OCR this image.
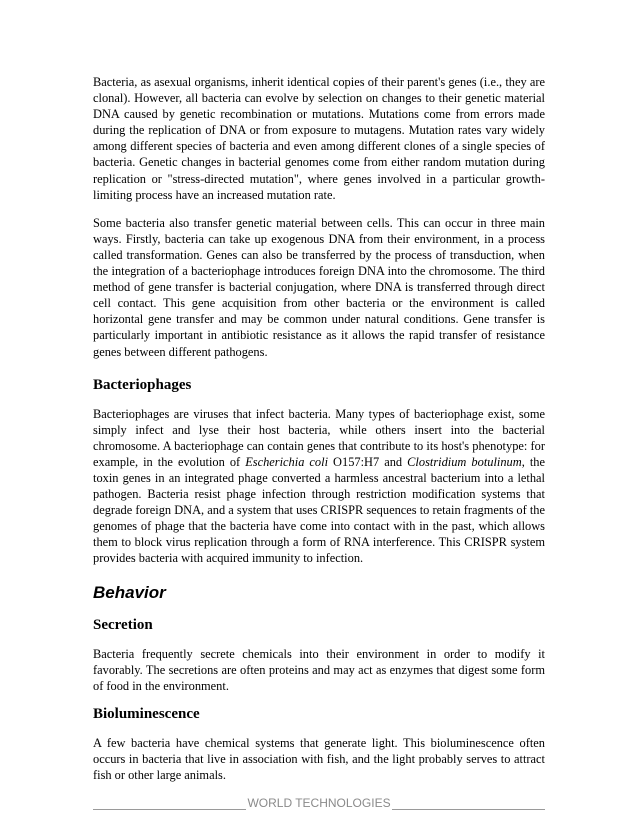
Bacteria, as asexual organisms, inherit identical copies of their parent's genes (i.e., they are clonal). However, all bacteria can evolve by selection on changes to their genetic material DNA caused by genetic recombination or mutations. Mutations come from errors made during the replication of DNA or from exposure to mutagens. Mutation rates vary widely among different species of bacteria and even among different clones of a single species of bacteria. Genetic changes in bacterial genomes come from either random mutation during replication or "stress-directed mutation", where genes involved in a particular growth-limiting process have an increased mutation rate.

Some bacteria also transfer genetic material between cells. This can occur in three main ways. Firstly, bacteria can take up exogenous DNA from their environment, in a process called transformation. Genes can also be transferred by the process of transduction, when the integration of a bacteriophage introduces foreign DNA into the chromosome. The third method of gene transfer is bacterial conjugation, where DNA is transferred through direct cell contact. This gene acquisition from other bacteria or the environment is called horizontal gene transfer and may be common under natural conditions. Gene transfer is particularly important in antibiotic resistance as it allows the rapid transfer of resistance genes between different pathogens.

Bacteriophages

Bacteriophages are viruses that infect bacteria. Many types of bacteriophage exist, some simply infect and lyse their host bacteria, while others insert into the bacterial chromosome. A bacteriophage can contain genes that contribute to its host's phenotype: for example, in the evolution of Escherichia coli O157:H7 and Clostridium botulinum, the toxin genes in an integrated phage converted a harmless ancestral bacterium into a lethal pathogen. Bacteria resist phage infection through restriction modification systems that degrade foreign DNA, and a system that uses CRISPR sequences to retain fragments of the genomes of phage that the bacteria have come into contact with in the past, which allows them to block virus replication through a form of RNA interference. This CRISPR system provides bacteria with acquired immunity to infection.

Behavior
Secretion

Bacteria frequently secrete chemicals into their environment in order to modify it favorably. The secretions are often proteins and may act as enzymes that digest some form of food in the environment.

Bioluminescence

A few bacteria have chemical systems that generate light. This bioluminescence often occurs in bacteria that live in association with fish, and the light probably serves to attract fish or other large animals.

WORLD TECHNOLOGIES
